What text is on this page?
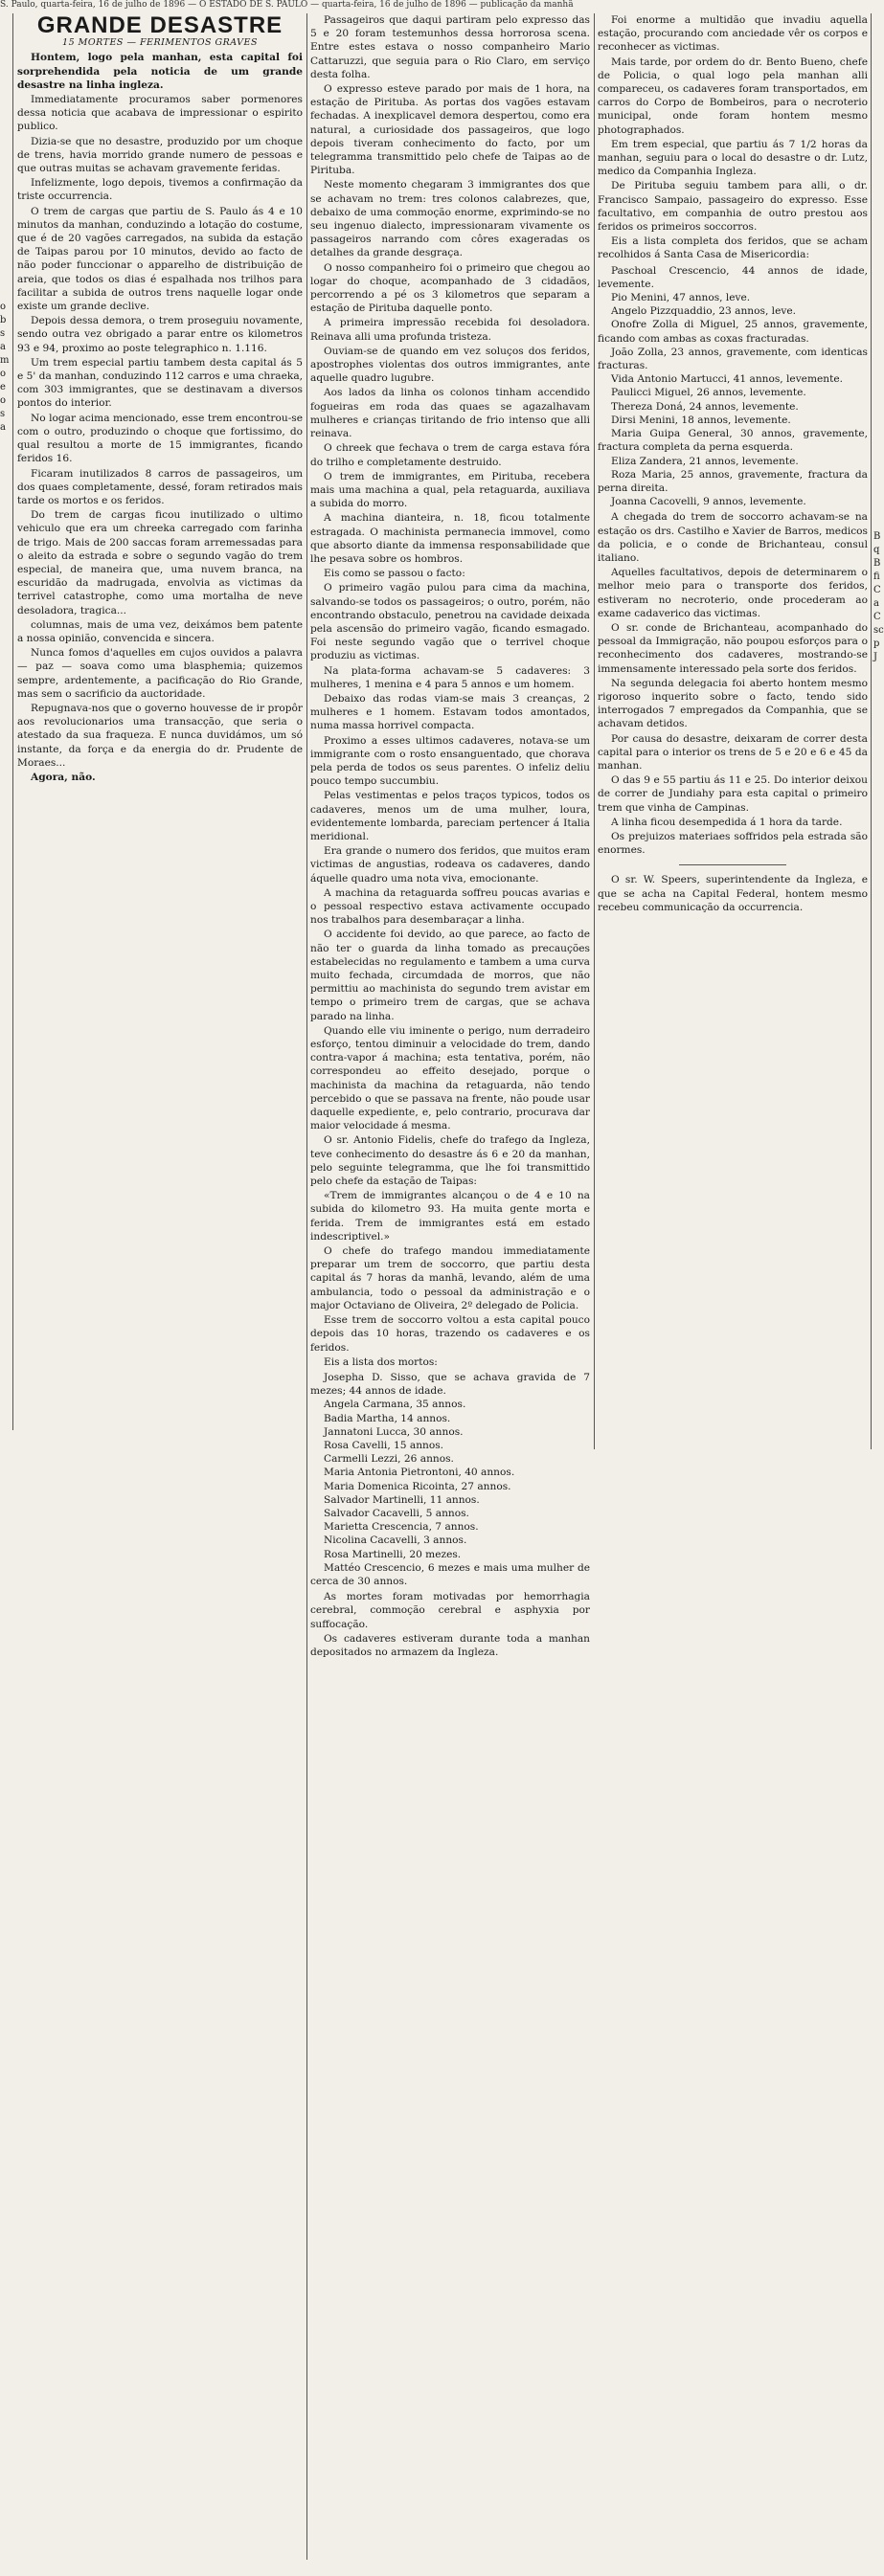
S. Paulo, quarta-feira, 16 de julho de 1896 — O ESTADO DE S. PAULO — quarta-feira, 16 de julho de 1896 — publicação da manhã
o
b
s
a
m
o
e
o
s
a
GRANDE DESASTRE

15 MORTES — FERIMENTOS GRAVES

Hontem, logo pela manhan, esta capital foi sorprehendida pela noticia de um grande desastre na linha ingleza.

Immediatamente procuramos saber pormenores dessa noticia que acabava de impressionar o espirito publico.

Dizia-se que no desastre, produzido por um choque de trens, havia morrido grande numero de pessoas e que outras muitas se achavam gravemente feridas.

Infelizmente, logo depois, tivemos a confirmação da triste occurrencia.

O trem de cargas que partiu de S. Paulo ás 4 e 10 minutos da manhan, conduzindo a lotação do costume, que é de 20 vagões carregados, na subida da estação de Taipas parou por 10 minutos, devido ao facto de não poder funccionar o apparelho de distribuição de areia, que todos os dias é espalhada nos trilhos para facilitar a subida de outros trens naquelle logar onde existe um grande declive.

Depois dessa demora, o trem proseguiu novamente, sendo outra vez obrigado a parar entre os kilometros 93 e 94, proximo ao poste telegraphico n. 1.116.

Um trem especial partiu tambem desta capital ás 5 e 5' da manhan, conduzindo 112 carros e uma chraeka, com 303 immigrantes, que se destinavam a diversos pontos do interior.

No logar acima mencionado, esse trem encontrou-se com o outro, produzindo o choque que fortissimo, do qual resultou a morte de 15 immigrantes, ficando feridos 16.

Ficaram inutilizados 8 carros de passageiros, um dos quaes completamente, dessé, foram retirados mais tarde os mortos e os feridos.

Do trem de cargas ficou inutilizado o ultimo vehiculo que era um chreeka carregado com farinha de trigo. Mais de 200 saccas foram arremessadas para o aleito da estrada e sobre o segundo vagão do trem especial, de maneira que, uma nuvem branca, na escuridão da madrugada, envolvia as victimas da terrivel catastrophe, como uma mortalha de neve desoladora, tragica...

columnas, mais de uma vez, deixámos bem patente a nossa opinião, convencida e sincera.

Nunca fomos d'aquelles em cujos ouvidos a palavra — paz — soava como uma blasphemia; quizemos sempre, ardentemente, a pacificação do Rio Grande, mas sem o sacrificio da auctoridade.

Repugnava-nos que o governo houvesse de ir propôr aos revolucionarios uma transacção, que seria o atestado da sua fraqueza. E nunca duvidámos, um só instante, da força e da energia do dr. Prudente de Moraes...

Agora, não.

Passageiros que daqui partiram pelo expresso das 5 e 20 foram testemunhos dessa horrorosa scena. Entre estes estava o nosso companheiro Mario Cattaruzzi, que seguia para o Rio Claro, em serviço desta folha.

O expresso esteve parado por mais de 1 hora, na estação de Pirituba. As portas dos vagões estavam fechadas. A inexplicavel demora despertou, como era natural, a curiosidade dos passageiros, que logo depois tiveram conhecimento do facto, por um telegramma transmittido pelo chefe de Taipas ao de Pirituba.

Neste momento chegaram 3 immigrantes dos que se achavam no trem: tres colonos calabrezes, que, debaixo de uma commoção enorme, exprimindo-se no seu ingenuo dialecto, impressionaram vivamente os passageiros narrando com côres exageradas os detalhes da grande desgraça.

O nosso companheiro foi o primeiro que chegou ao logar do choque, acompanhado de 3 cidadãos, percorrendo a pé os 3 kilometros que separam a estação de Pirituba daquelle ponto.

A primeira impressão recebida foi desoladora. Reinava alli uma profunda tristeza.

Ouviam-se de quando em vez soluços dos feridos, apostrophes violentas dos outros immigrantes, ante aquelle quadro lugubre.

Aos lados da linha os colonos tinham accendido fogueiras em roda das quaes se agazalhavam mulheres e crianças tiritando de frio intenso que alli reinava.

O chreek que fechava o trem de carga estava fóra do trilho e completamente destruido.

O trem de immigrantes, em Pirituba, recebera mais uma machina a qual, pela retaguarda, auxiliava a subida do morro.

A machina dianteira, n. 18, ficou totalmente estragada. O machinista permanecia immovel, como que absorto diante da immensa responsabilidade que lhe pesava sobre os hombros.

Eis como se passou o facto:

O primeiro vagão pulou para cima da machina, salvando-se todos os passageiros; o outro, porém, não encontrando obstaculo, penetrou na cavidade deixada pela ascensão do primeiro vagão, ficando esmagado. Foi neste segundo vagão que o terrivel choque produziu as victimas.

Na plata-forma achavam-se 5 cadaveres: 3 mulheres, 1 menina e 4 para 5 annos e um homem.

Debaixo das rodas viam-se mais 3 creanças, 2 mulheres e 1 homem. Estavam todos amontados, numa massa horrivel compacta.

Proximo a esses ultimos cadaveres, notava-se um immigrante com o rosto ensanguentado, que chorava pela perda de todos os seus parentes. O infeliz deliu pouco tempo succumbiu.

Pelas vestimentas e pelos traços typicos, todos os cadaveres, menos um de uma mulher, loura, evidentemente lombarda, pareciam pertencer á Italia meridional.

Era grande o numero dos feridos, que muitos eram victimas de angustias, rodeava os cadaveres, dando áquelle quadro uma nota viva, emocionante.

A machina da retaguarda soffreu poucas avarias e o pessoal respectivo estava activamente occupado nos trabalhos para desembaraçar a linha.

O accidente foi devido, ao que parece, ao facto de não ter o guarda da linha tomado as precauções estabelecidas no regulamento e tambem a uma curva muito fechada, circumdada de morros, que não permittiu ao machinista do segundo trem avistar em tempo o primeiro trem de cargas, que se achava parado na linha.

Quando elle viu iminente o perigo, num derradeiro esforço, tentou diminuir a velocidade do trem, dando contra-vapor á machina; esta tentativa, porém, não correspondeu ao effeito desejado, porque o machinista da machina da retaguarda, não tendo percebido o que se passava na frente, não poude usar daquelle expediente, e, pelo contrario, procurava dar maior velocidade á mesma.

O sr. Antonio Fidelis, chefe do trafego da Ingleza, teve conhecimento do desastre ás 6 e 20 da manhan, pelo seguinte telegramma, que lhe foi transmittido pelo chefe da estação de Taipas:

«Trem de immigrantes alcançou o de 4 e 10 na subida do kilometro 93. Ha muita gente morta e ferida. Trem de immigrantes está em estado indescriptivel.»

O chefe do trafego mandou immediatamente preparar um trem de soccorro, que partiu desta capital ás 7 horas da manhã, levando, além de uma ambulancia, todo o pessoal da administração e o major Octaviano de Oliveira, 2º delegado de Policia.

Esse trem de soccorro voltou a esta capital pouco depois das 10 horas, trazendo os cadaveres e os feridos.

Eis a lista dos mortos:

Josepha D. Sisso, que se achava gravida de 7 mezes; 44 annos de idade.
Angela Carmana, 35 annos.
Badia Martha, 14 annos.
Jannatoni Lucca, 30 annos.
Rosa Cavelli, 15 annos.
Carmelli Lezzi, 26 annos.
Maria Antonia Pietrontoni, 40 annos.
Maria Domenica Ricointa, 27 annos.
Salvador Martinelli, 11 annos.
Salvador Cacavelli, 5 annos.
Marietta Crescencia, 7 annos.
Nicolina Cacavelli, 3 annos.
Rosa Martinelli, 20 mezes.
Mattéo Crescencio, 6 mezes e mais uma mulher de cerca de 30 annos.

As mortes foram motivadas por hemorrhagia cerebral, commoção cerebral e asphyxia por suffocação.

Os cadaveres estiveram durante toda a manhan depositados no armazem da Ingleza.

Foi enorme a multidão que invadiu aquella estação, procurando com anciedade vêr os corpos e reconhecer as victimas.

Mais tarde, por ordem do dr. Bento Bueno, chefe de Policia, o qual logo pela manhan alli compareceu, os cadaveres foram transportados, em carros do Corpo de Bombeiros, para o necroterio municipal, onde foram hontem mesmo photographados.

Em trem especial, que partiu ás 7 1/2 horas da manhan, seguiu para o local do desastre o dr. Lutz, medico da Companhia Ingleza.

De Pirituba seguiu tambem para alli, o dr. Francisco Sampaio, passageiro do expresso. Esse facultativo, em companhia de outro prestou aos feridos os primeiros soccorros.

Eis a lista completa dos feridos, que se acham recolhidos á Santa Casa de Misericordia:

Paschoal Crescencio, 44 annos de idade, levemente.
Pio Menini, 47 annos, leve.
Angelo Pizzquaddio, 23 annos, leve.
Onofre Zolla di Miguel, 25 annos, gravemente, ficando com ambas as coxas fracturadas.
João Zolla, 23 annos, gravemente, com identicas fracturas.
Vida Antonio Martucci, 41 annos, levemente.
Paulicci Miguel, 26 annos, levemente.
Thereza Doná, 24 annos, levemente.
Dirsi Menini, 18 annos, levemente.
Maria Guipa General, 30 annos, gravemente, fractura completa da perna esquerda.
Eliza Zandera, 21 annos, levemente.
Roza Maria, 25 annos, gravemente, fractura da perna direita.
Joanna Cacovelli, 9 annos, levemente.

A chegada do trem de soccorro achavam-se na estação os drs. Castilho e Xavier de Barros, medicos da policia, e o conde de Brichanteau, consul italiano.

Aquelles facultativos, depois de determinarem o melhor meio para o transporte dos feridos, estiveram no necroterio, onde procederam ao exame cadaverico das victimas.

O sr. conde de Brichanteau, acompanhado do pessoal da Immigração, não poupou esforços para o reconhecimento dos cadaveres, mostrando-se immensamente interessado pela sorte dos feridos.

Na segunda delegacia foi aberto hontem mesmo rigoroso inquerito sobre o facto, tendo sido interrogados 7 empregados da Companhia, que se achavam detidos.

Por causa do desastre, deixaram de correr desta capital para o interior os trens de 5 e 20 e 6 e 45 da manhan.

O das 9 e 55 partiu ás 11 e 25. Do interior deixou de correr de Jundiahy para esta capital o primeiro trem que vinha de Campinas.

A linha ficou desempedida á 1 hora da tarde.

Os prejuizos materiaes soffridos pela estrada são enormes.

O sr. W. Speers, superintendente da Ingleza, e que se acha na Capital Federal, hontem mesmo recebeu communicação da occurrencia.

B
q
B
fi
C
a
C
sc
p
J
